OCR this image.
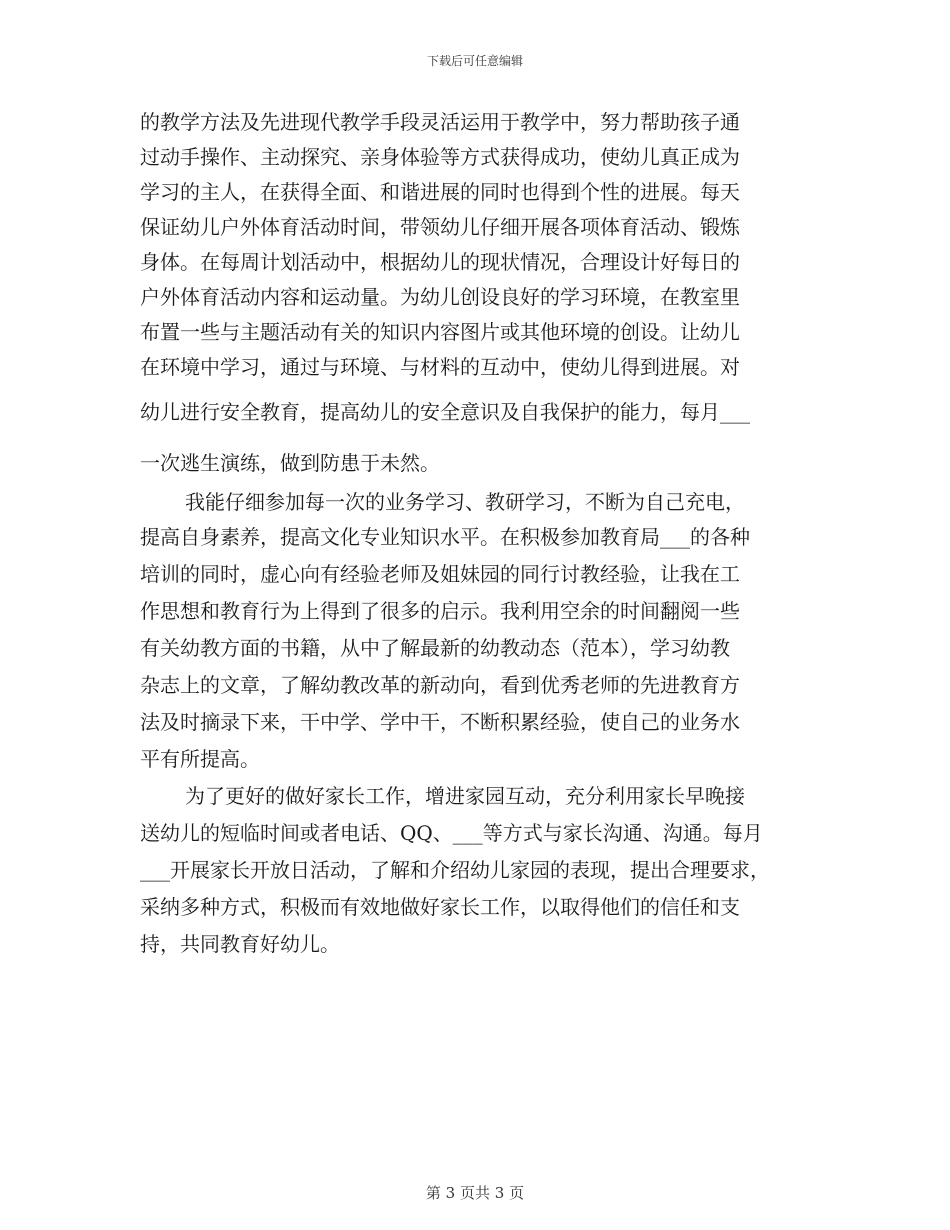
下载后可任意编辑
的教学方法及先进现代教学手段灵活运用于教学中，努力帮助孩子通
过动手操作、主动探究、亲身体验等方式获得成功，使幼儿真正成为
学习的主人，在获得全面、和谐进展的同时也得到个性的进展。每天
保证幼儿户外体育活动时间，带领幼儿仔细开展各项体育活动、锻炼
身体。在每周计划活动中，根据幼儿的现状情况，合理设计好每日的
户外体育活动内容和运动量。为幼儿创设良好的学习环境，在教室里
布置一些与主题活动有关的知识内容图片或其他环境的创设。让幼儿
在环境中学习，通过与环境、与材料的互动中，使幼儿得到进展。对
幼儿进行安全教育，提高幼儿的安全意识及自我保护的能力，每月___
一次逃生演练，做到防患于未然。
我能仔细参加每一次的业务学习、教研学习，不断为自己充电，
提高自身素养，提高文化专业知识水平。在积极参加教育局___的各种
培训的同时，虚心向有经验老师及姐妹园的同行讨教经验，让我在工
作思想和教育行为上得到了很多的启示。我利用空余的时间翻阅一些
有关幼教方面的书籍，从中了解最新的幼教动态（范本），学习幼教
杂志上的文章，了解幼教改革的新动向，看到优秀老师的先进教育方
法及时摘录下来，干中学、学中干，不断积累经验，使自己的业务水
平有所提高。
为了更好的做好家长工作，增进家园互动，充分利用家长早晚接
送幼儿的短临时间或者电话、QQ、___等方式与家长沟通、沟通。每月
___开展家长开放日活动，了解和介绍幼儿家园的表现，提出合理要求，
采纳多种方式，积极而有效地做好家长工作，以取得他们的信任和支
持，共同教育好幼儿。
第 3 页共 3 页
